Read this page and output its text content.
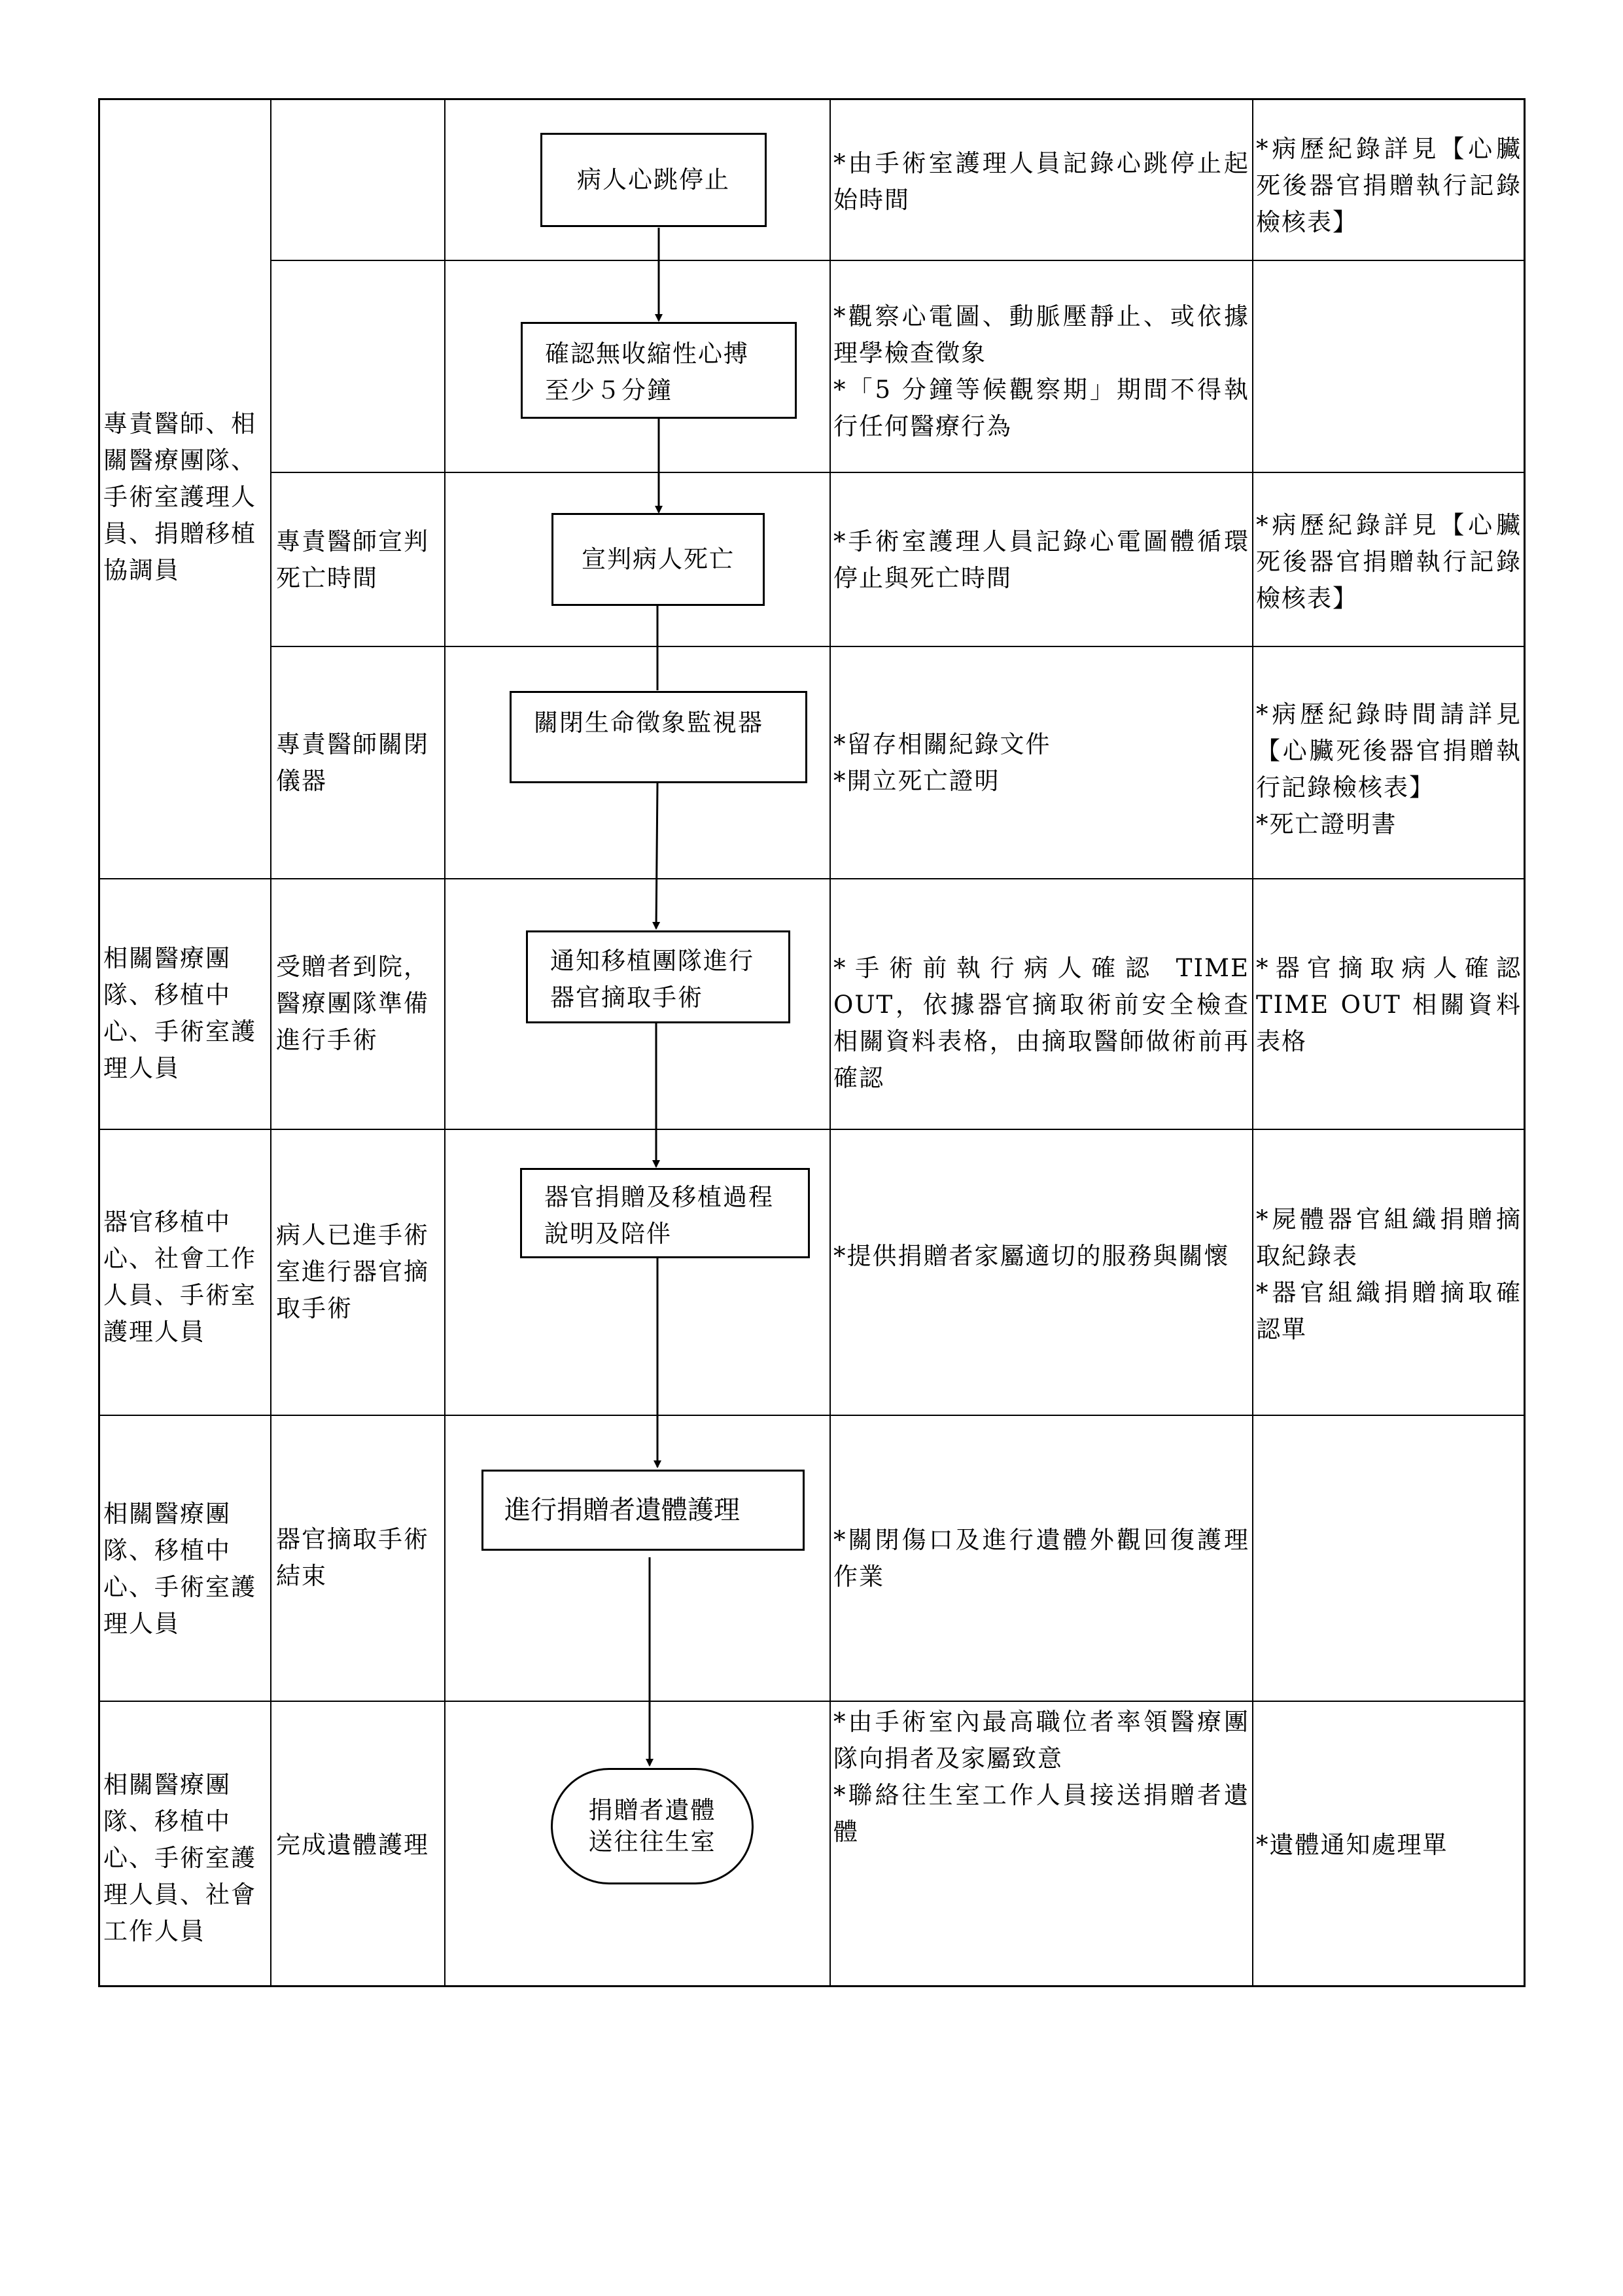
病人心跳停止

確認無收縮性心搏

至少５分鐘

宣判病人死亡
關閉生命徵象監視器

通知移植團隊進行

器官摘取手術

器官捐贈及移植過程

說明及陪伴

進行捐贈者遺體護理

捐贈者遺體

送往往生室

專責醫師、相關醫療團隊、手術室護理人員、捐贈移植協調員

相關醫療團隊、移植中心、手術室護理人員

器官移植中心、社會工作人員、手術室護理人員

相關醫療團隊、移植中心、手術室護理人員

相關醫療團隊、移植中心、手術室護理人員、社會工作人員

專責醫師宣判死亡時間

專責醫師關閉儀器

受贈者到院，醫療團隊準備進行手術

病人已進手術室進行器官摘取手術

器官摘取手術結束

完成遺體護理

*由手術室護理人員記錄心跳停止起始時間

*觀察心電圖、動脈壓靜止、或依據理學檢查徵象

*「5 分鐘等候觀察期」期間不得執行任何醫療行為

*手術室護理人員記錄心電圖體循環停止與死亡時間

*留存相關紀錄文件

*開立死亡證明

*手術前執行病人確認 TIME OUT，依據器官摘取術前安全檢查相關資料表格，由摘取醫師做術前再確認

*提供捐贈者家屬適切的服務與關懷

*關閉傷口及進行遺體外觀回復護理作業

*由手術室內最高職位者率領醫療團隊向捐者及家屬致意

*聯絡往生室工作人員接送捐贈者遺體

*病歷紀錄詳見【心臟死後器官捐贈執行記錄檢核表】

*病歷紀錄詳見【心臟死後器官捐贈執行記錄檢核表】

*病歷紀錄時間請詳見【心臟死後器官捐贈執行記錄檢核表】

*死亡證明書

*器官摘取病人確認 TIME OUT 相關資料表格

*屍體器官組織捐贈摘取紀錄表

*器官組織捐贈摘取確認單

*遺體通知處理單
